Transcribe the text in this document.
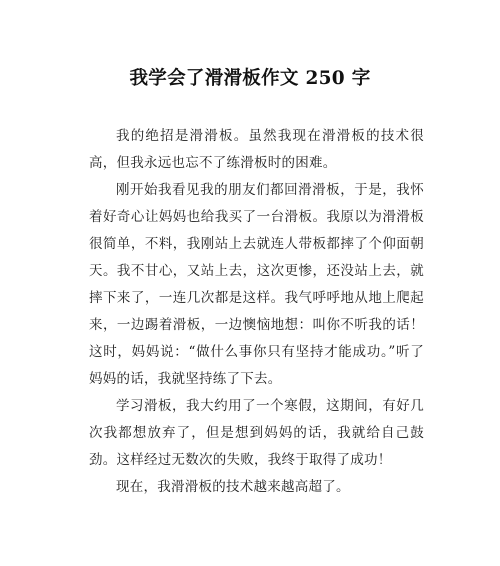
我学会了滑滑板作文 250 字

我的绝招是滑滑板。虽然我现在滑滑板的技术很高，但我永远也忘不了练滑板时的困难。

刚开始我看见我的朋友们都回滑滑板，于是，我怀着好奇心让妈妈也给我买了一台滑板。我原以为滑滑板很简单，不料，我刚站上去就连人带板都摔了个仰面朝天。我不甘心，又站上去，这次更惨，还没站上去，就摔下来了，一连几次都是这样。我气呼呼地从地上爬起来，一边踢着滑板，一边懊恼地想：叫你不听我的话！这时，妈妈说：“做什么事你只有坚持才能成功。”听了妈妈的话，我就坚持练了下去。

学习滑板，我大约用了一个寒假，这期间，有好几次我都想放弃了，但是想到妈妈的话，我就给自己鼓劲。这样经过无数次的失败，我终于取得了成功！

现在，我滑滑板的技术越来越高超了。
